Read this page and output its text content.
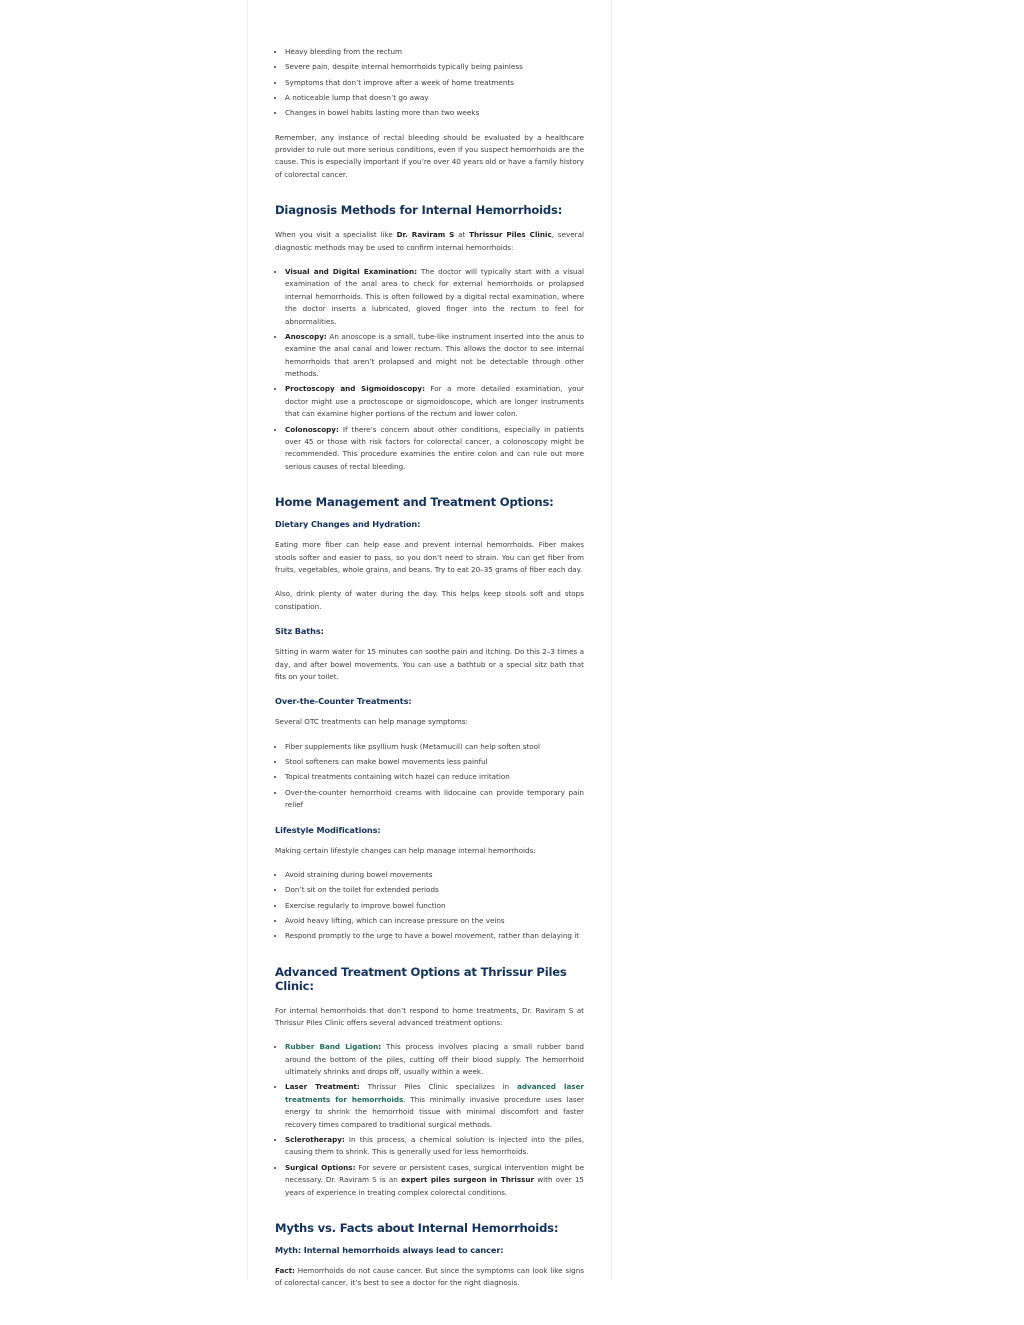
• Heavy bleeding from the rectum
• Severe pain, despite internal hemorrhoids typically being painless
• Symptoms that don’t improve after a week of home treatments
• A noticeable lump that doesn’t go away
• Changes in bowel habits lasting more than two weeks

Remember, any instance of rectal bleeding should be evaluated by a healthcare provider to rule out more serious conditions, even if you suspect hemorrhoids are the cause. This is especially important if you’re over 40 years old or have a family history of colorectal cancer.

Diagnosis Methods for Internal Hemorrhoids:

When you visit a specialist like Dr. Raviram S at Thrissur Piles Clinic, several diagnostic methods may be used to confirm internal hemorrhoids:

• Visual and Digital Examination: The doctor will typically start with a visual examination of the anal area to check for external hemorrhoids or prolapsed internal hemorrhoids. This is often followed by a digital rectal examination, where the doctor inserts a lubricated, gloved finger into the rectum to feel for abnormalities.
• Anoscopy: An anoscope is a small, tube-like instrument inserted into the anus to examine the anal canal and lower rectum. This allows the doctor to see internal hemorrhoids that aren’t prolapsed and might not be detectable through other methods.
• Proctoscopy and Sigmoidoscopy: For a more detailed examination, your doctor might use a proctoscope or sigmoidoscope, which are longer instruments that can examine higher portions of the rectum and lower colon.
• Colonoscopy: If there’s concern about other conditions, especially in patients over 45 or those with risk factors for colorectal cancer, a colonoscopy might be recommended. This procedure examines the entire colon and can rule out more serious causes of rectal bleeding.
Home Management and Treatment Options:
Dietary Changes and Hydration:

Eating more fiber can help ease and prevent internal hemorrhoids. Fiber makes stools softer and easier to pass, so you don’t need to strain. You can get fiber from fruits, vegetables, whole grains, and beans. Try to eat 20–35 grams of fiber each day.

Also, drink plenty of water during the day. This helps keep stools soft and stops constipation.

Sitz Baths:

Sitting in warm water for 15 minutes can soothe pain and itching. Do this 2–3 times a day, and after bowel movements. You can use a bathtub or a special sitz bath that fits on your toilet.

Over-the-Counter Treatments:

Several OTC treatments can help manage symptoms:

• Fiber supplements like psyllium husk (Metamucil) can help soften stool
• Stool softeners can make bowel movements less painful
• Topical treatments containing witch hazel can reduce irritation
• Over-the-counter hemorrhoid creams with lidocaine can provide temporary pain relief
Lifestyle Modifications:

Making certain lifestyle changes can help manage internal hemorrhoids:

• Avoid straining during bowel movements
• Don’t sit on the toilet for extended periods
• Exercise regularly to improve bowel function
• Avoid heavy lifting, which can increase pressure on the veins
• Respond promptly to the urge to have a bowel movement, rather than delaying it
Advanced Treatment Options at Thrissur Piles Clinic:

For internal hemorrhoids that don’t respond to home treatments, Dr. Raviram S at Thrissur Piles Clinic offers several advanced treatment options:

• Rubber Band Ligation: This process involves placing a small rubber band around the bottom of the piles, cutting off their blood supply. The hemorrhoid ultimately shrinks and drops off, usually within a week.
• Laser Treatment: Thrissur Piles Clinic specializes in advanced laser treatments for hemorrhoids. This minimally invasive procedure uses laser energy to shrink the hemorrhoid tissue with minimal discomfort and faster recovery times compared to traditional surgical methods.
• Sclerotherapy: In this process, a chemical solution is injected into the piles, causing them to shrink. This is generally used for less hemorrhoids.
• Surgical Options: For severe or persistent cases, surgical intervention might be necessary. Dr. Raviram S is an expert piles surgeon in Thrissur with over 15 years of experience in treating complex colorectal conditions.
Myths vs. Facts about Internal Hemorrhoids:
Myth: Internal hemorrhoids always lead to cancer:

Fact: Hemorrhoids do not cause cancer. But since the symptoms can look like signs of colorectal cancer, it’s best to see a doctor for the right diagnosis.
